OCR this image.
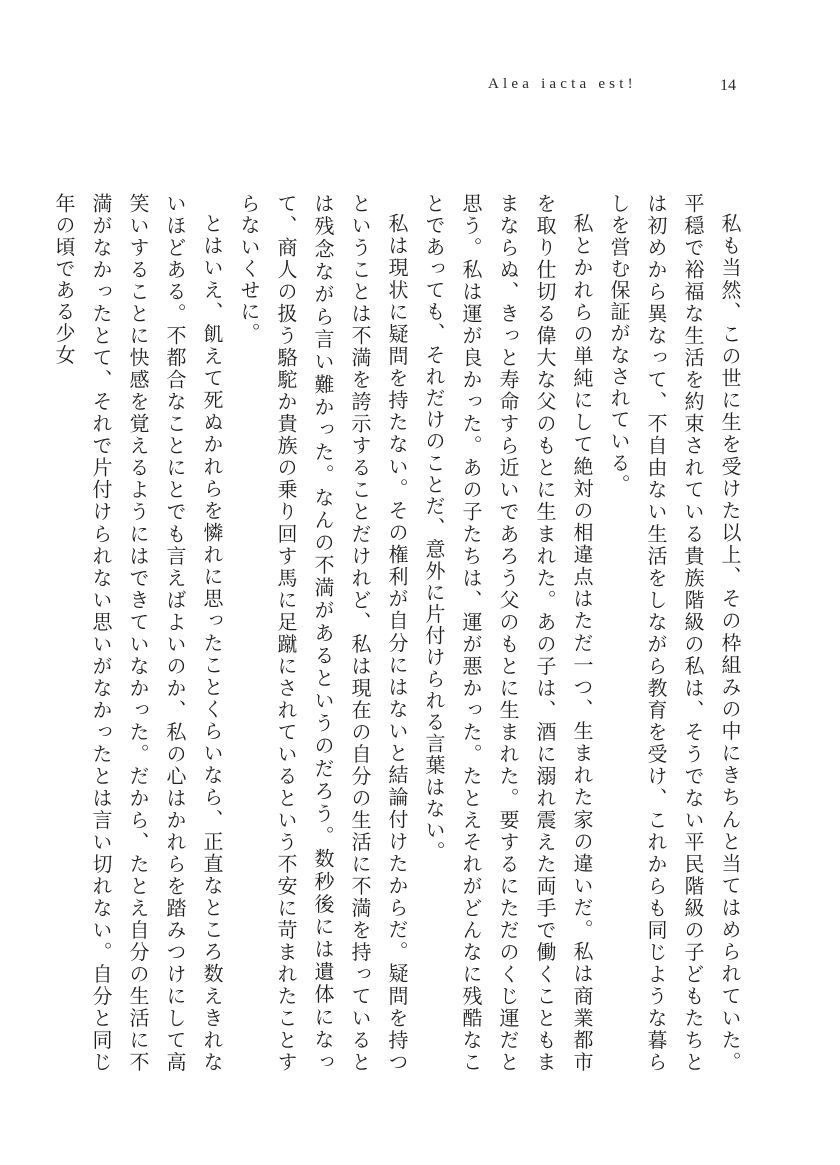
Alea iacta est!	14

私も当然、この世に生を受けた以上、その枠組みの中にきちんと当てはめられていた。平穏で裕福な生活を約束されている貴族階級の私は、そうでない平民階級の子どもたちとは初めから異なって、不自由ない生活をしながら教育を受け、これからも同じような暮らしを営む保証がなされている。

私とかれらの単純にして絶対の相違点はただ一つ、生まれた家の違いだ。私は商業都市を取り仕切る偉大な父のもとに生まれた。あの子は、酒に溺れ震えた両手で働くこともままならぬ、きっと寿命すら近いであろう父のもとに生まれた。要するにただのくじ運だと思う。私は運が良かった。あの子たちは、運が悪かった。たとえそれがどんなに残酷なことであっても、それだけのことだ、意外に片付けられる言葉はない。

私は現状に疑問を持たない。その権利が自分にはないと結論付けたからだ。疑問を持つということは不満を誇示することだけれど、私は現在の自分の生活に不満を持っているとは残念ながら言い難かった。なんの不満があるというのだろう。数秒後には遺体になって、商人の扱う駱駝か貴族の乗り回す馬に足蹴にされているという不安に苛まれたことすらないくせに。

とはいえ、飢えて死ぬかれらを憐れに思ったことくらいなら、正直なところ数えきれないほどある。不都合なことにとでも言えばよいのか、私の心はかれらを踏みつけにして高笑いすることに快感を覚えるようにはできていなかった。だから、たとえ自分の生活に不満がなかったとて、それで片付けられない思いがなかったとは言い切れない。自分と同じ年の頃である少女
